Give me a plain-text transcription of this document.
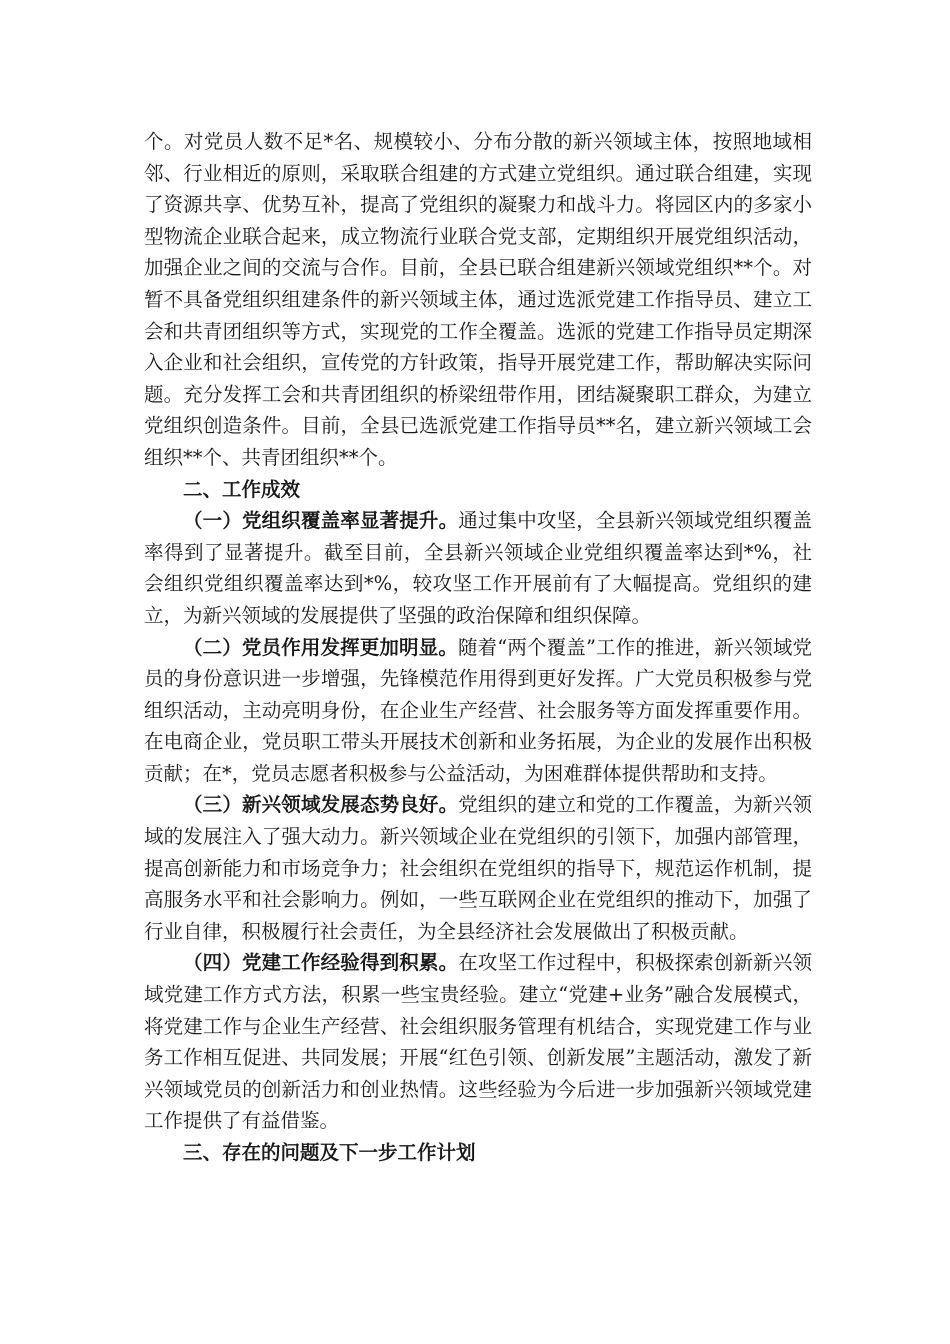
个。对党员人数不足*名、规模较小、分布分散的新兴领域主体，按照地域相邻、行业相近的原则，采取联合组建的方式建立党组织。通过联合组建，实现了资源共享、优势互补，提高了党组织的凝聚力和战斗力。将园区内的多家小型物流企业联合起来，成立物流行业联合党支部，定期组织开展党组织活动，加强企业之间的交流与合作。目前，全县已联合组建新兴领域党组织**个。对暂不具备党组织组建条件的新兴领域主体，通过选派党建工作指导员、建立工会和共青团组织等方式，实现党的工作全覆盖。选派的党建工作指导员定期深入企业和社会组织，宣传党的方针政策，指导开展党建工作，帮助解决实际问题。充分发挥工会和共青团组织的桥梁纽带作用，团结凝聚职工群众，为建立党组织创造条件。目前，全县已选派党建工作指导员**名，建立新兴领域工会组织**个、共青团组织**个。

二、工作成效

（一）党组织覆盖率显著提升。通过集中攻坚，全县新兴领域党组织覆盖率得到了显著提升。截至目前，全县新兴领域企业党组织覆盖率达到*%，社会组织党组织覆盖率达到*%，较攻坚工作开展前有了大幅提高。党组织的建立，为新兴领域的发展提供了坚强的政治保障和组织保障。

（二）党员作用发挥更加明显。随着“两个覆盖”工作的推进，新兴领域党员的身份意识进一步增强，先锋模范作用得到更好发挥。广大党员积极参与党组织活动，主动亮明身份，在企业生产经营、社会服务等方面发挥重要作用。在电商企业，党员职工带头开展技术创新和业务拓展，为企业的发展作出积极贡献；在*，党员志愿者积极参与公益活动，为困难群体提供帮助和支持。

（三）新兴领域发展态势良好。党组织的建立和党的工作覆盖，为新兴领域的发展注入了强大动力。新兴领域企业在党组织的引领下，加强内部管理，提高创新能力和市场竞争力；社会组织在党组织的指导下，规范运作机制，提高服务水平和社会影响力。例如，一些互联网企业在党组织的推动下，加强了行业自律，积极履行社会责任，为全县经济社会发展做出了积极贡献。

（四）党建工作经验得到积累。在攻坚工作过程中，积极探索创新新兴领域党建工作方式方法，积累一些宝贵经验。建立“党建+业务”融合发展模式，将党建工作与企业生产经营、社会组织服务管理有机结合，实现党建工作与业务工作相互促进、共同发展；开展“红色引领、创新发展”主题活动，激发了新兴领域党员的创新活力和创业热情。这些经验为今后进一步加强新兴领域党建工作提供了有益借鉴。

三、存在的问题及下一步工作计划
